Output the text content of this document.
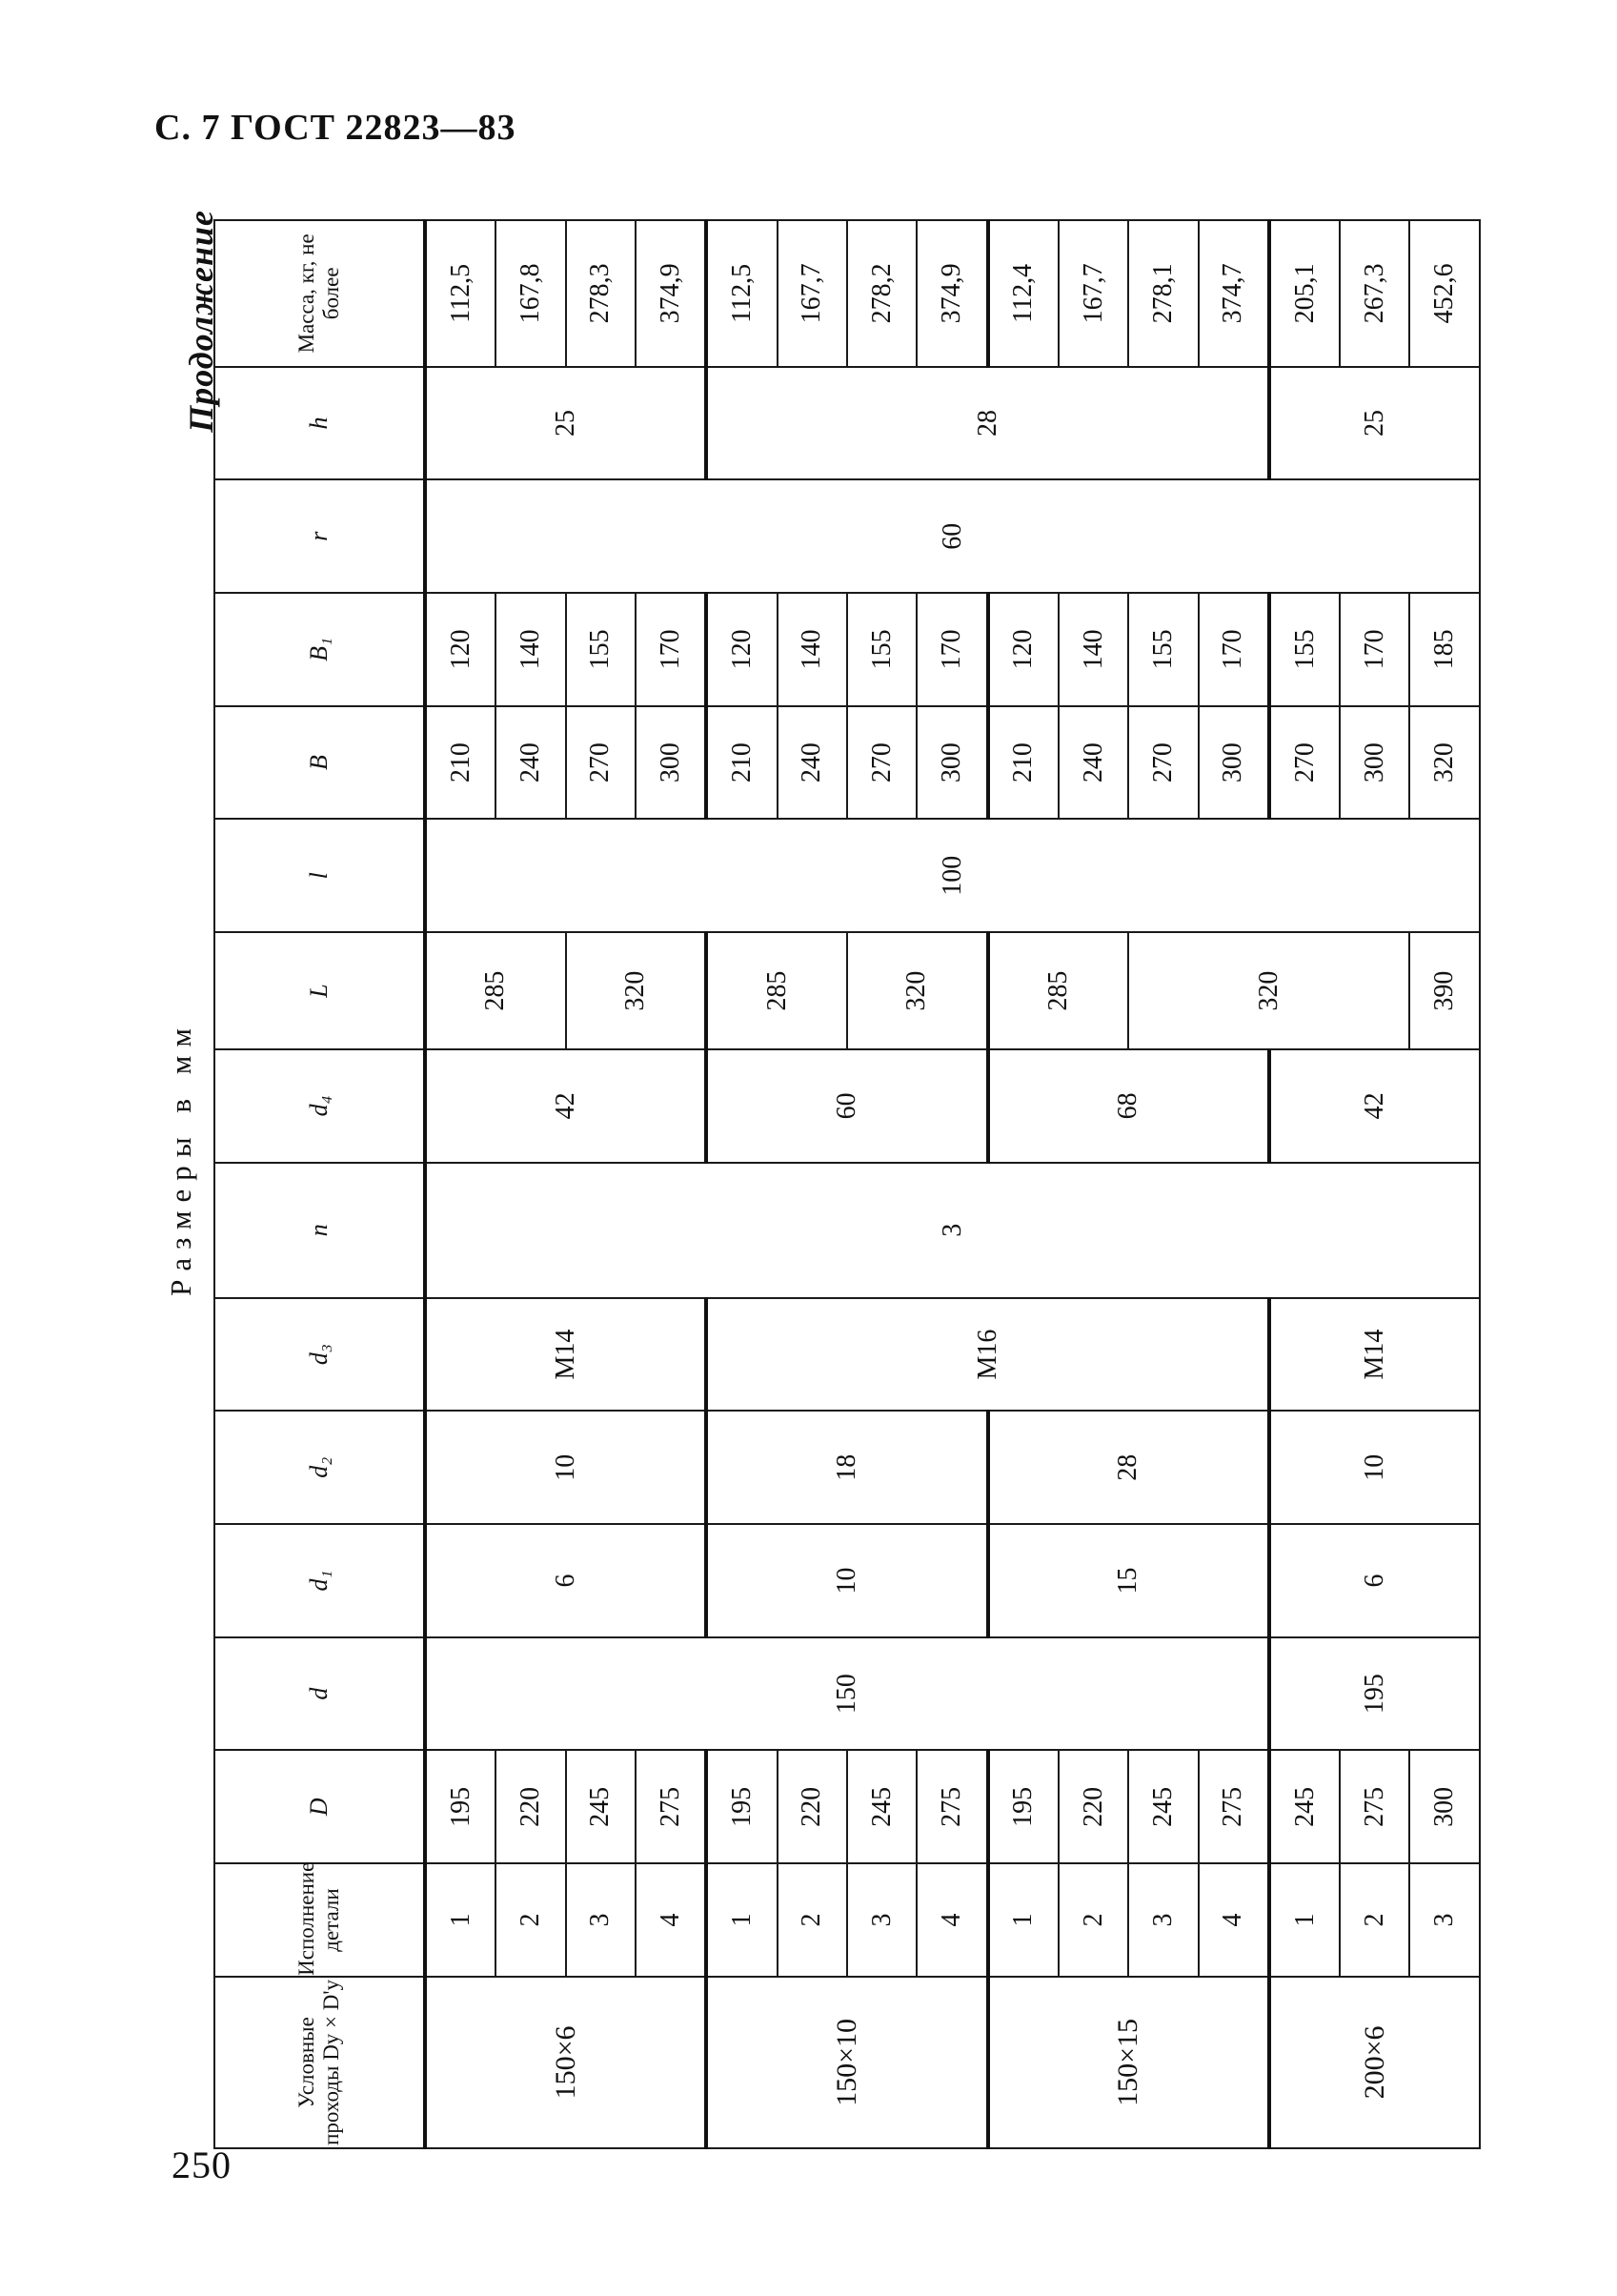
С. 7 ГОСТ 22823—83
Продолжение
Размеры в мм
Условные проходы Dу × D'у	Исполнение детали	D	d	d₁	d₂	d₃	n	d₄	L	l	B	B₁	r	h	Масса, кг, не более
150×6	1	195	150	6	10	M14	3	42	285	100	210	120	60	25	112,5
	2	220									240	140			167,8
	3	245							320		270	155			278,3
	4	275									300	170			374,9
150×10	1	195		10	18	M16		60	285		210	120		28	112,5
	2	220									240	140			167,7
	3	245							320		270	155			278,2
	4	275									300	170			374,9
150×15	1	195		15	28			68	285		210	120			112,4
	2	220									240	140			167,7
	3	245							320		270	155			278,1
	4	275									300	170			374,7
200×6	1	245	195	6	10	M14		42			270	155		25	205,1
	2	275									300	170			267,3
	3	300							390		320	185			452,6
250
